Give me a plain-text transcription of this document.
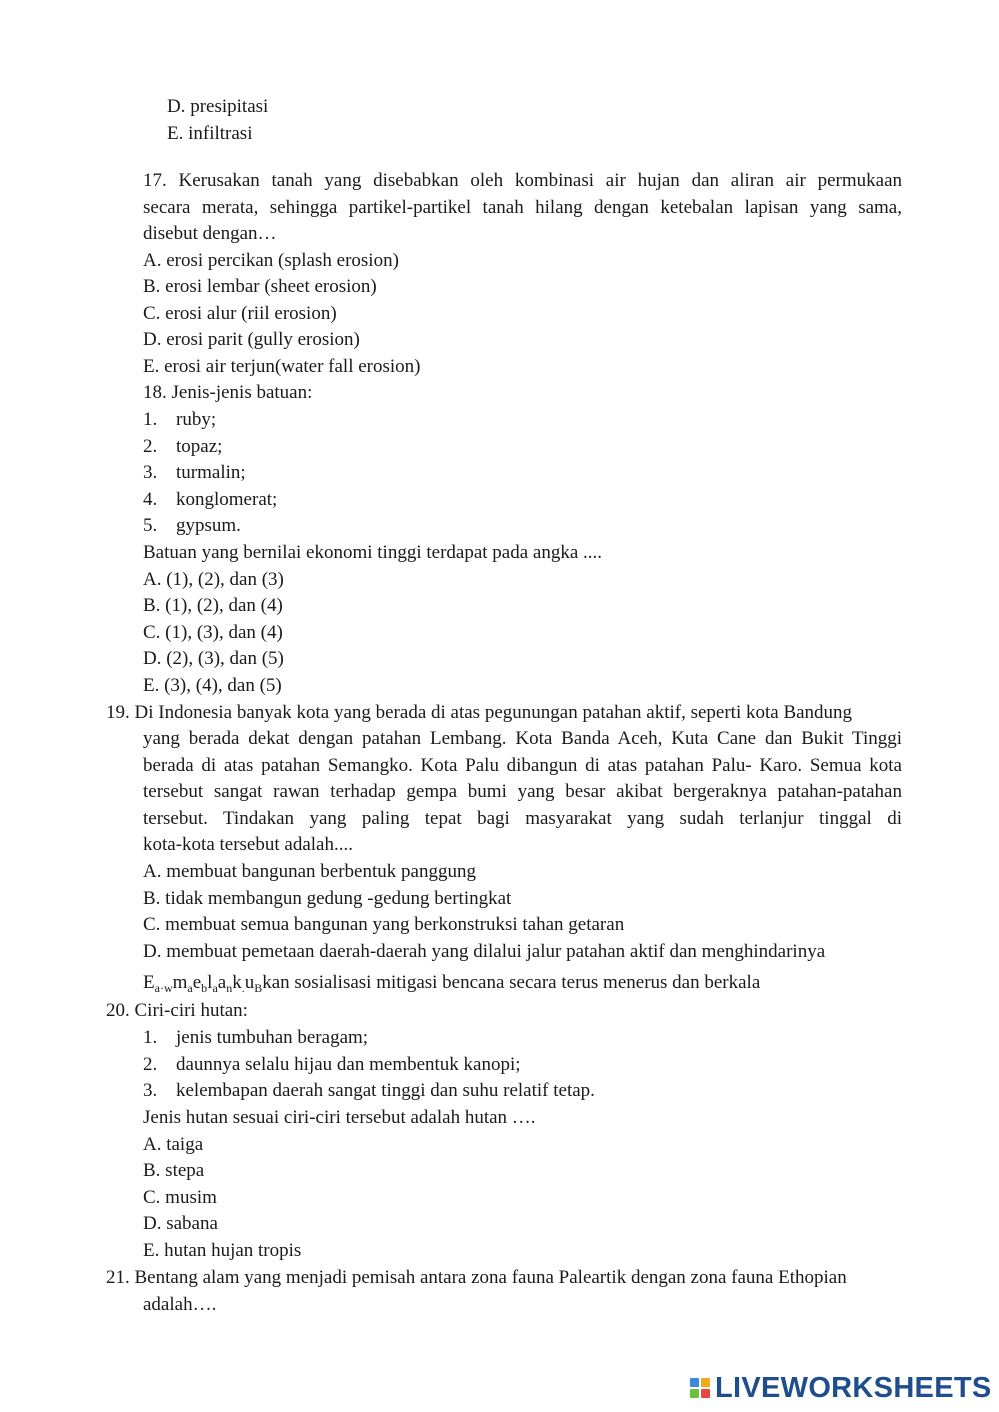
D. presipitasi
E. infiltrasi
17. Kerusakan tanah yang disebabkan oleh kombinasi air hujan dan aliran air permukaan
secara merata, sehingga partikel-partikel tanah hilang dengan ketebalan lapisan yang sama,
disebut dengan…
A. erosi percikan (splash erosion)
B. erosi lembar (sheet erosion)
C. erosi alur (riil erosion)
D. erosi parit (gully erosion)
E. erosi air terjun(water fall erosion)
18. Jenis-jenis batuan:
1. ruby;
2. topaz;
3. turmalin;
4. konglomerat;
5. gypsum.
Batuan yang bernilai ekonomi tinggi terdapat pada angka ....
A. (1), (2), dan (3)
B. (1), (2), dan (4)
C. (1), (3), dan (4)
D. (2), (3), dan (5)
E. (3), (4), dan (5)
19. Di Indonesia banyak kota yang berada di atas pegunungan patahan aktif, seperti kota Bandung
yang berada dekat dengan patahan Lembang. Kota Banda Aceh, Kuta Cane dan Bukit Tinggi
berada di atas patahan Semangko. Kota Palu dibangun di atas patahan Palu- Karo. Semua kota
tersebut sangat rawan terhadap gempa bumi yang besar akibat bergeraknya patahan-patahan
tersebut. Tindakan yang paling tepat bagi masyarakat yang sudah terlanjur tinggal di
kota-kota tersebut adalah....
A. membuat bangunan berbentuk panggung
B. tidak membangun gedung -gedung bertingkat
C. membuat semua bangunan yang berkonstruksi tahan getaran
D. membuat pemetaan daerah-daerah yang dilalui jalur patahan aktif dan menghindarinya
$E_{a\cdot w}m_ae_bl_aa_nk_.u_Bkan$ sosialisasi mitigasi bencana secara terus menerus dan berkala
20. Ciri-ciri hutan:
1. jenis tumbuhan beragam;
2. daunnya selalu hijau dan membentuk kanopi;
3. kelembapan daerah sangat tinggi dan suhu relatif tetap.
Jenis hutan sesuai ciri-ciri tersebut adalah hutan ….
A. taiga
B. stepa
C. musim
D. sabana
E. hutan hujan tropis
21. Bentang alam yang menjadi pemisah antara zona fauna Paleartik dengan zona fauna Ethopian
adalah….
LIVEWORKSHEETS
